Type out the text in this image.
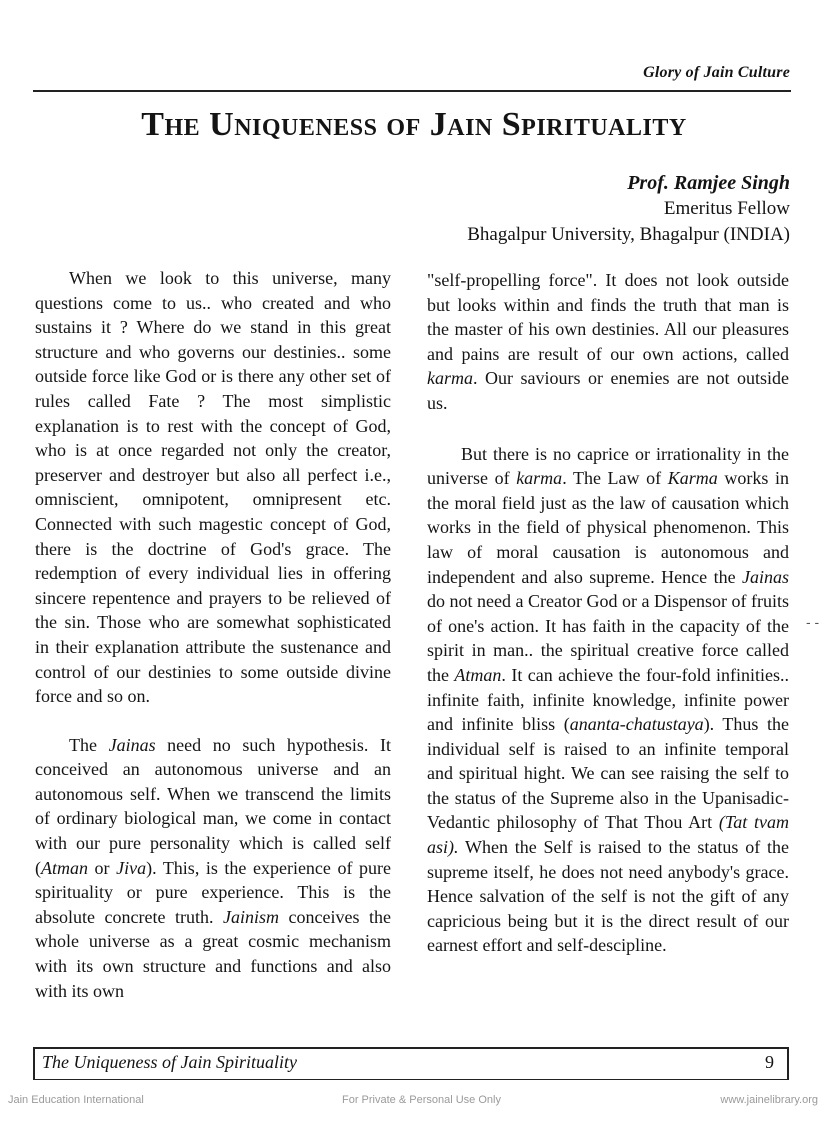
Glory of Jain Culture
The Uniqueness of Jain Spirituality
Prof. Ramjee Singh
Emeritus Fellow
Bhagalpur University, Bhagalpur (INDIA)

When we look to this universe, many questions come to us.. who created and who sustains it ? Where do we stand in this great structure and who governs our destinies.. some outside force like God or is there any other set of rules called Fate ? The most simplistic explanation is to rest with the concept of God, who is at once regarded not only the creator, preserver and destroyer but also all perfect i.e., omniscient, omnipotent, omnipresent etc. Connected with such magestic concept of God, there is the doctrine of God's grace. The redemption of every individual lies in offering sincere repentence and prayers to be relieved of the sin. Those who are somewhat sophisticated in their explanation attribute the sustenance and control of our destinies to some outside divine force and so on.

The Jainas need no such hypothesis. It conceived an autonomous universe and an autonomous self. When we transcend the limits of ordinary biological man, we come in contact with our pure personality which is called self (Atman or Jiva). This, is the experience of pure spirituality or pure experience. This is the absolute concrete truth. Jainism conceives the whole universe as a great cosmic mechanism with its own structure and functions and also with its own

"self-propelling force". It does not look outside but looks within and finds the truth that man is the master of his own destinies. All our pleasures and pains are result of our own actions, called karma. Our saviours or enemies are not outside us.

But there is no caprice or irrationality in the universe of karma. The Law of Karma works in the moral field just as the law of causation which works in the field of physical phenomenon. This law of moral causation is autonomous and independent and also supreme. Hence the Jainas do not need a Creator God or a Dispensor of fruits of one's action. It has faith in the capacity of the spirit in man.. the spiritual creative force called the Atman. It can achieve the four-fold infinities.. infinite faith, infinite knowledge, infinite power and infinite bliss (ananta-chatustaya). Thus the individual self is raised to an infinite temporal and spiritual hight. We can see raising the self to the status of the Supreme also in the Upanisadic-Vedantic philosophy of That Thou Art (Tat tvam asi). When the Self is raised to the status of the supreme itself, he does not need anybody's grace. Hence salvation of the self is not the gift of any capricious being but it is the direct result of our earnest effort and self-descipline.

- -
The Uniqueness of Jain Spirituality	9
Jain Education International	For Private & Personal Use Only	www.jainelibrary.org
